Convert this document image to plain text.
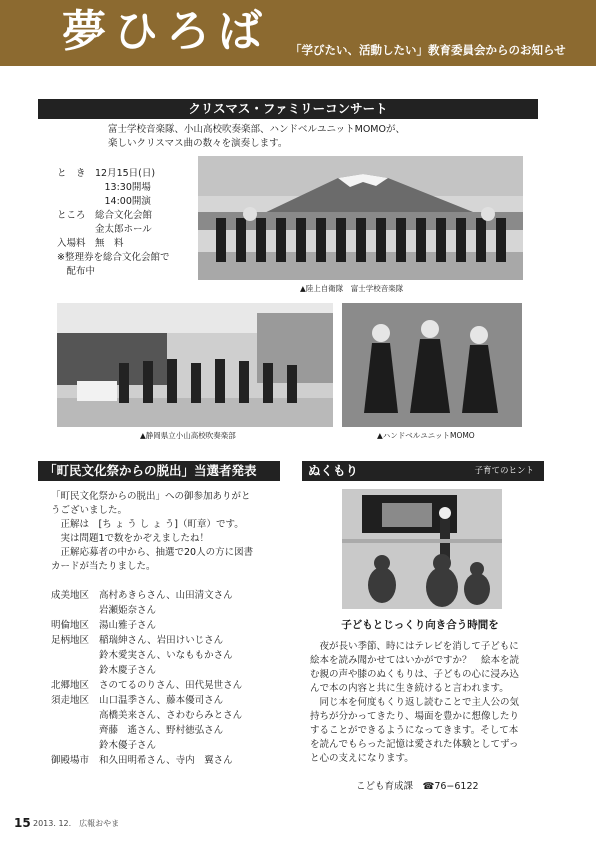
夢ひろば 「学びたい、活動したい」教育委員会からのお知らせ
クリスマス・ファミリーコンサート
富士学校音楽隊、小山高校吹奏楽部、ハンドベルユニットMOMOが、
楽しいクリスマス曲の数々を演奏します。
と　き　12月15日(日)
　　　　　13:30開場
　　　　　14:00開演
ところ　総合文化会館
　　　　金太郎ホール
入場料　無　料
※整理券を総合文化会館で
　配布中
▲陸上自衛隊　富士学校音楽隊
▲静岡県立小山高校吹奏楽部	▲ハンドベルユニットMOMO
「町民文化祭からの脱出」当選者発表
「町民文化祭からの脱出」への御参加ありがと
うございました。
　正解は　[ち ょ う し ょ う]（町章）です。
　実は問題1で数をかぞえましたね！
　正解応募者の中から、抽選で20人の方に図書
カードが当たりました。
成美地区 高村あきらさん、山田清文さん
岩瀬姫奈さん
明倫地区 湯山雅子さん
足柄地区 稲瑞紳さん、岩田けいじさん
鈴木愛実さん、いなももかさん
鈴木慶子さん
北郷地区 さのてるのりさん、田代晃世さん
須走地区 山口温季さん、藤本優司さん
高橋美来さん、さわむらみとさん
齊藤　遙さん、野村徳弘さん
鈴木優子さん
御殿場市 和久田明希さん、寺内　翼さん
ぬくもり	子育てのヒント
子どもとじっくり向き合う時間を
　夜が長い季節、時にはテレビを消して子どもに
絵本を読み聞かせてはいかがですか？　絵本を読
む親の声や膝のぬくもりは、子どもの心に浸み込
んで本の内容と共に生き続けると言われます。
　同じ本を何度もくり返し読むことで主人公の気
持ちが分かってきたり、場面を豊かに想像したり
することができるようになってきます。そして本
を読んでもらった記憶は愛された体験としてずっ
と心の支えになります。
こども育成課　☎76−6122
15 2013. 12.　広報おやま
